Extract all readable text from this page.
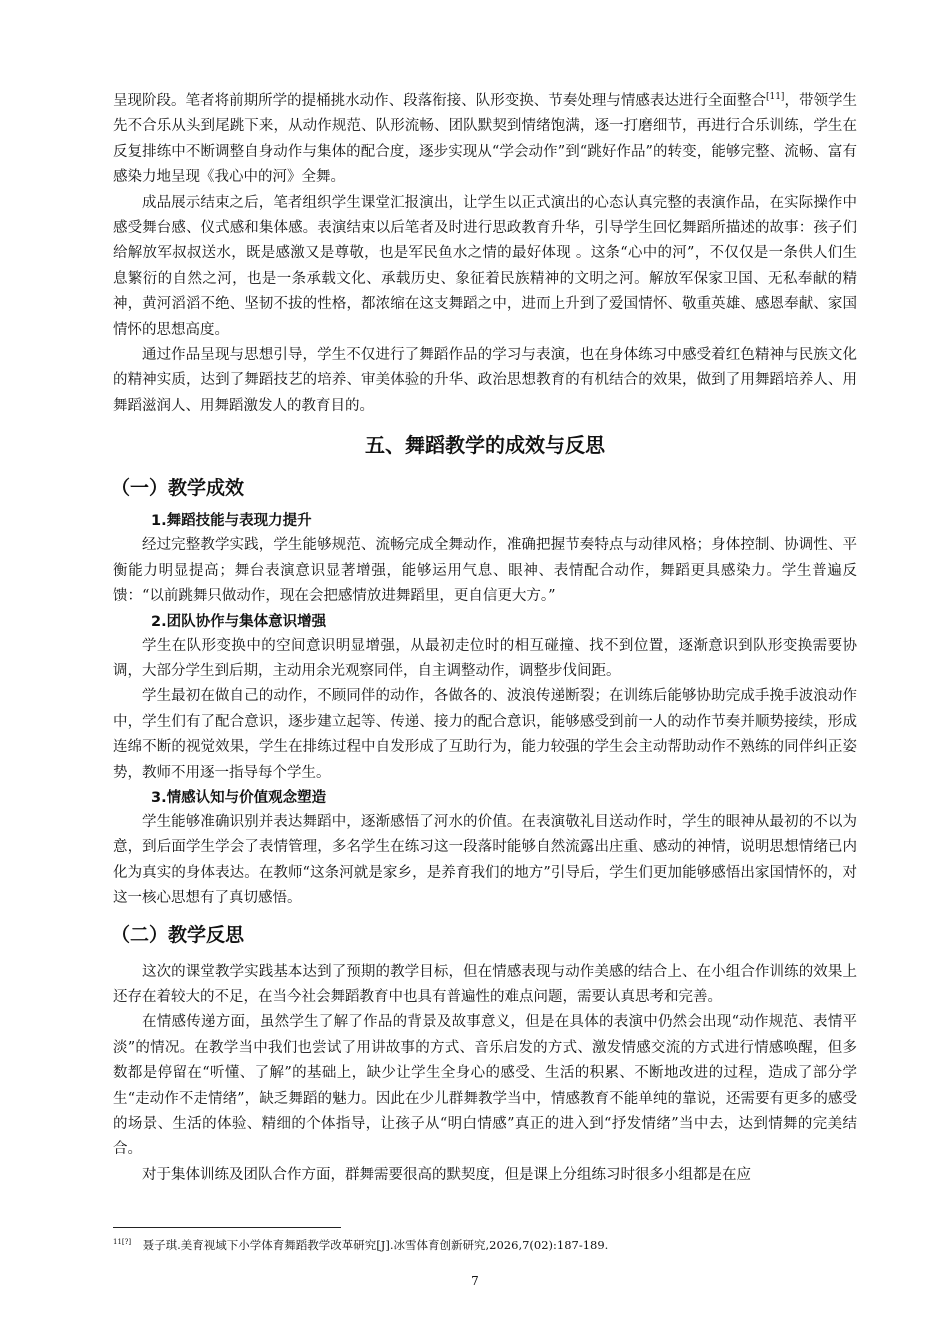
呈现阶段。笔者将前期所学的提桶挑水动作、段落衔接、队形变换、节奏处理与情感表达进行全面整合[11]，带领学生先不合乐从头到尾跳下来，从动作规范、队形流畅、团队默契到情绪饱满，逐一打磨细节，再进行合乐训练，学生在反复排练中不断调整自身动作与集体的配合度，逐步实现从“学会动作”到“跳好作品”的转变，能够完整、流畅、富有感染力地呈现《我心中的河》全舞。

成品展示结束之后，笔者组织学生课堂汇报演出，让学生以正式演出的心态认真完整的表演作品，在实际操作中感受舞台感、仪式感和集体感。表演结束以后笔者及时进行思政教育升华，引导学生回忆舞蹈所描述的故事：孩子们给解放军叔叔送水，既是感激又是尊敬，也是军民鱼水之情的最好体现 。这条“心中的河”，不仅仅是一条供人们生息繁衍的自然之河，也是一条承载文化、承载历史、象征着民族精神的文明之河。解放军保家卫国、无私奉献的精神，黄河滔滔不绝、坚韧不拔的性格，都浓缩在这支舞蹈之中，进而上升到了爱国情怀、敬重英雄、感恩奉献、家国情怀的思想高度。

通过作品呈现与思想引导，学生不仅进行了舞蹈作品的学习与表演，也在身体练习中感受着红色精神与民族文化的精神实质，达到了舞蹈技艺的培养、审美体验的升华、政治思想教育的有机结合的效果，做到了用舞蹈培养人、用舞蹈滋润人、用舞蹈激发人的教育目的。

五、舞蹈教学的成效与反思
（一）教学成效
1.舞蹈技能与表现力提升

经过完整教学实践，学生能够规范、流畅完成全舞动作，准确把握节奏特点与动律风格；身体控制、协调性、平衡能力明显提高；舞台表演意识显著增强，能够运用气息、眼神、表情配合动作，舞蹈更具感染力。学生普遍反馈：“以前跳舞只做动作，现在会把感情放进舞蹈里，更自信更大方。”

2.团队协作与集体意识增强

学生在队形变换中的空间意识明显增强，从最初走位时的相互碰撞、找不到位置，逐渐意识到队形变换需要协调，大部分学生到后期，主动用余光观察同伴，自主调整动作，调整步伐间距。

学生最初在做自己的动作，不顾同伴的动作，各做各的、波浪传递断裂；在训练后能够协助完成手挽手波浪动作中，学生们有了配合意识，逐步建立起等、传递、接力的配合意识，能够感受到前一人的动作节奏并顺势接续，形成连绵不断的视觉效果，学生在排练过程中自发形成了互助行为，能力较强的学生会主动帮助动作不熟练的同伴纠正姿势，教师不用逐一指导每个学生。

3.情感认知与价值观念塑造

学生能够准确识别并表达舞蹈中，逐渐感悟了河水的价值。在表演敬礼目送动作时，学生的眼神从最初的不以为意，到后面学生学会了表情管理，多名学生在练习这一段落时能够自然流露出庄重、感动的神情，说明思想情绪已内化为真实的身体表达。在教师“这条河就是家乡，是养育我们的地方”引导后，学生们更加能够感悟出家国情怀的，对这一核心思想有了真切感悟。

（二）教学反思

这次的课堂教学实践基本达到了预期的教学目标，但在情感表现与动作美感的结合上、在小组合作训练的效果上还存在着较大的不足，在当今社会舞蹈教育中也具有普遍性的难点问题，需要认真思考和完善。

在情感传递方面，虽然学生了解了作品的背景及故事意义，但是在具体的表演中仍然会出现“动作规范、表情平淡”的情况。在教学当中我们也尝试了用讲故事的方式、音乐启发的方式、激发情感交流的方式进行情感唤醒，但多数都是停留在“听懂、了解”的基础上，缺少让学生全身心的感受、生活的积累、不断地改进的过程，造成了部分学生“走动作不走情绪”，缺乏舞蹈的魅力。因此在少儿群舞教学当中，情感教育不能单纯的靠说，还需要有更多的感受的场景、生活的体验、精细的个体指导，让孩子从“明白情感”真正的进入到“抒发情绪”当中去，达到情舞的完美结合。

对于集体训练及团队合作方面，群舞需要很高的默契度，但是课上分组练习时很多小组都是在应

$^{11[?]}$  聂子琪.美育视域下小学体育舞蹈教学改革研究[J].冰雪体育创新研究,2026,7(02):187-189.
7
